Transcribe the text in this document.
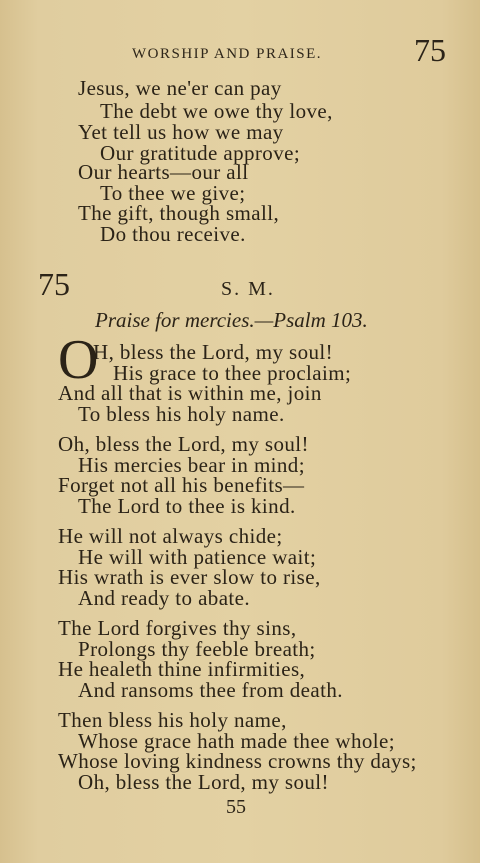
WORSHIP AND PRAISE.	75
Jesus, we ne'er can pay
The debt we owe thy love,
Yet tell us how we may
Our gratitude approve;
Our hearts—our all
To thee we give;
The gift, though small,
Do thou receive.
75	S. M.
Praise for mercies.—Psalm 103.
O
H, bless the Lord, my soul!
His grace to thee proclaim;
And all that is within me, join
To bless his holy name.
Oh, bless the Lord, my soul!
His mercies bear in mind;
Forget not all his benefits—
The Lord to thee is kind.
He will not always chide;
He will with patience wait;
His wrath is ever slow to rise,
And ready to abate.
The Lord forgives thy sins,
Prolongs thy feeble breath;
He healeth thine infirmities,
And ransoms thee from death.
Then bless his holy name,
Whose grace hath made thee whole;
Whose loving kindness crowns thy days;
Oh, bless the Lord, my soul!
55
